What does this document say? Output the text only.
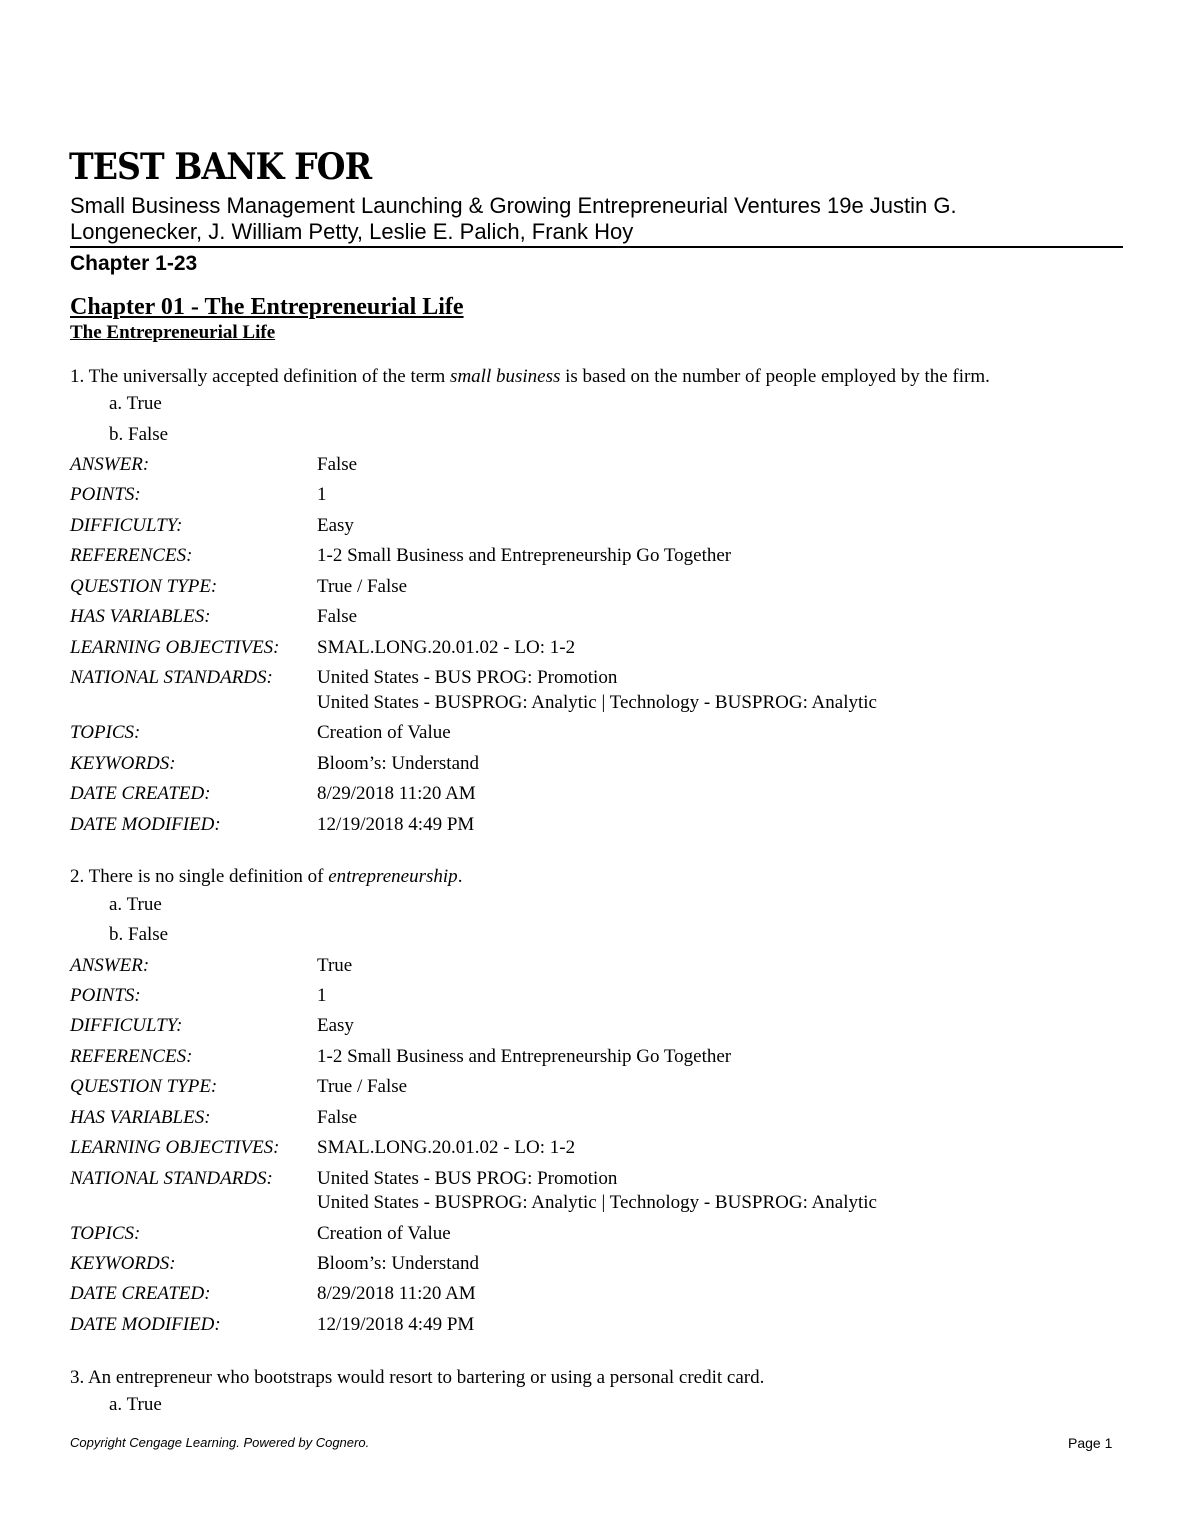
TEST BANK FOR
Small Business Management Launching & Growing Entrepreneurial Ventures 19e Justin G. Longenecker, J. William Petty, Leslie E. Palich, Frank Hoy
Chapter 1-23
Chapter 01 - The Entrepreneurial Life
The Entrepreneurial Life
1. The universally accepted definition of the term small business is based on the number of people employed by the firm.
a. True
b. False
ANSWER:	False
POINTS:	1
DIFFICULTY:	Easy
REFERENCES:	1-2 Small Business and Entrepreneurship Go Together
QUESTION TYPE:	True / False
HAS VARIABLES:	False
LEARNING OBJECTIVES: SMAL.LONG.20.01.02 - LO: 1-2
NATIONAL STANDARDS: United States - BUS PROG: Promotion
United States - BUSPROG: Analytic | Technology - BUSPROG: Analytic
TOPICS:	Creation of Value
KEYWORDS:	Bloom’s: Understand
DATE CREATED:	8/29/2018 11:20 AM
DATE MODIFIED:	12/19/2018 4:49 PM
2. There is no single definition of entrepreneurship.
a. True
b. False
ANSWER:	True
POINTS:	1
DIFFICULTY:	Easy
REFERENCES:	1-2 Small Business and Entrepreneurship Go Together
QUESTION TYPE:	True / False
HAS VARIABLES:	False
LEARNING OBJECTIVES: SMAL.LONG.20.01.02 - LO: 1-2
NATIONAL STANDARDS: United States - BUS PROG: Promotion
United States - BUSPROG: Analytic | Technology - BUSPROG: Analytic
TOPICS:	Creation of Value
KEYWORDS:	Bloom’s: Understand
DATE CREATED:	8/29/2018 11:20 AM
DATE MODIFIED:	12/19/2018 4:49 PM
3. An entrepreneur who bootstraps would resort to bartering or using a personal credit card.
a. True
Copyright Cengage Learning. Powered by Cognero.	Page 1
